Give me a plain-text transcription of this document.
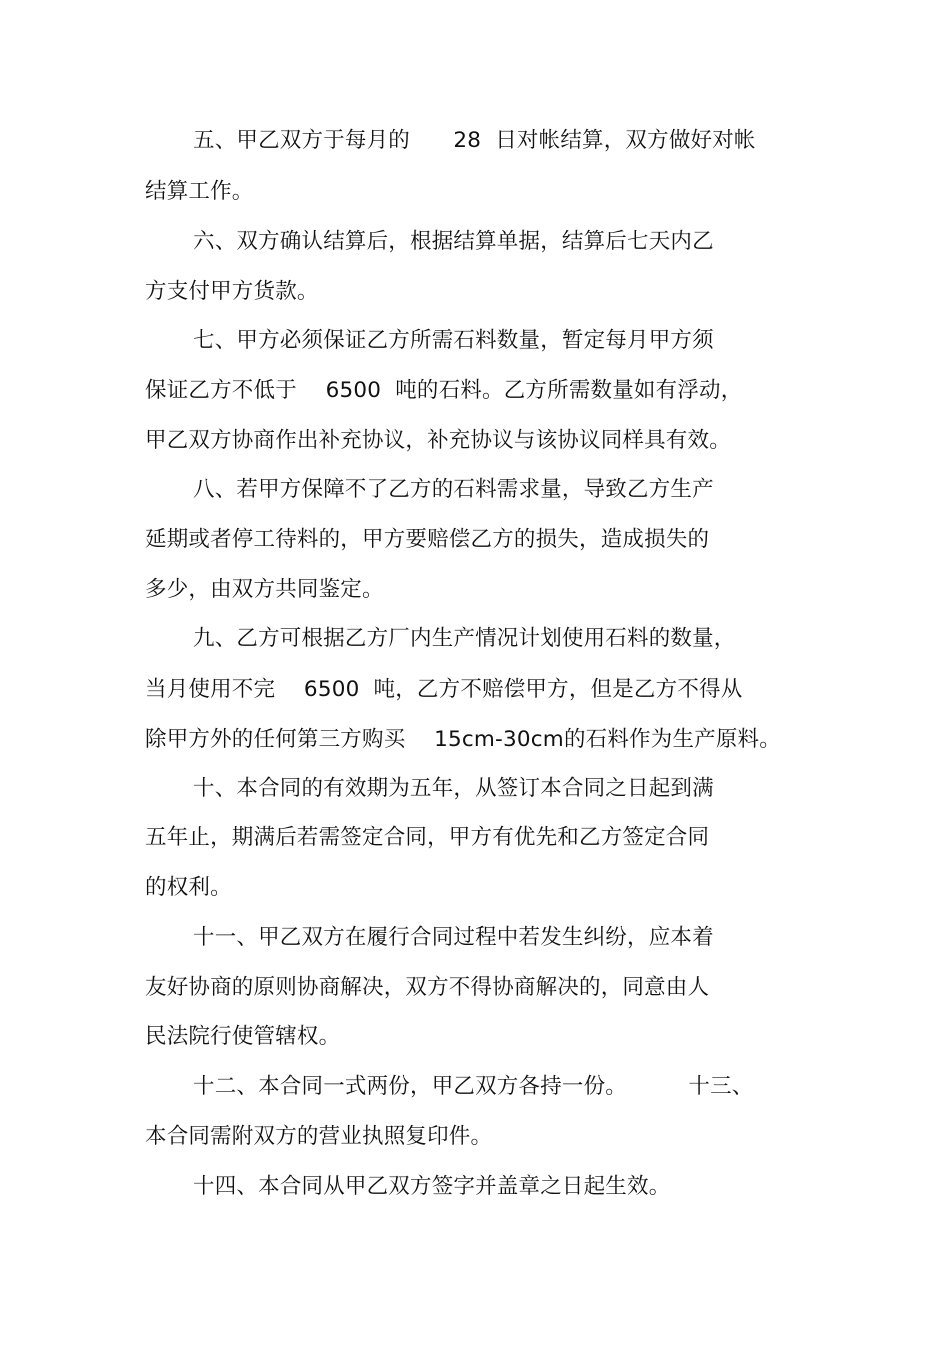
五、甲乙双方于每月的　　28  日对帐结算，双方做好对帐
结算工作。
六、双方确认结算后，根据结算单据，结算后七天内乙
方支付甲方货款。
七、甲方必须保证乙方所需石料数量，暂定每月甲方须
保证乙方不低于　 6500  吨的石料。乙方所需数量如有浮动，
甲乙双方协商作出补充协议，补充协议与该协议同样具有效。
八、若甲方保障不了乙方的石料需求量，导致乙方生产
延期或者停工待料的，甲方要赔偿乙方的损失，造成损失的
多少，由双方共同鉴定。
九、乙方可根据乙方厂内生产情况计划使用石料的数量，
当月使用不完　 6500  吨，乙方不赔偿甲方，但是乙方不得从
除甲方外的任何第三方购买　 15cm-30cm的石料作为生产原料。
十、本合同的有效期为五年，从签订本合同之日起到满
五年止，期满后若需签定合同，甲方有优先和乙方签定合同
的权利。
十一、甲乙双方在履行合同过程中若发生纠纷，应本着
友好协商的原则协商解决，双方不得协商解决的，同意由人
民法院行使管辖权。
十二、本合同一式两份，甲乙双方各持一份。　　　 十三、
本合同需附双方的营业执照复印件。
十四、本合同从甲乙双方签字并盖章之日起生效。
